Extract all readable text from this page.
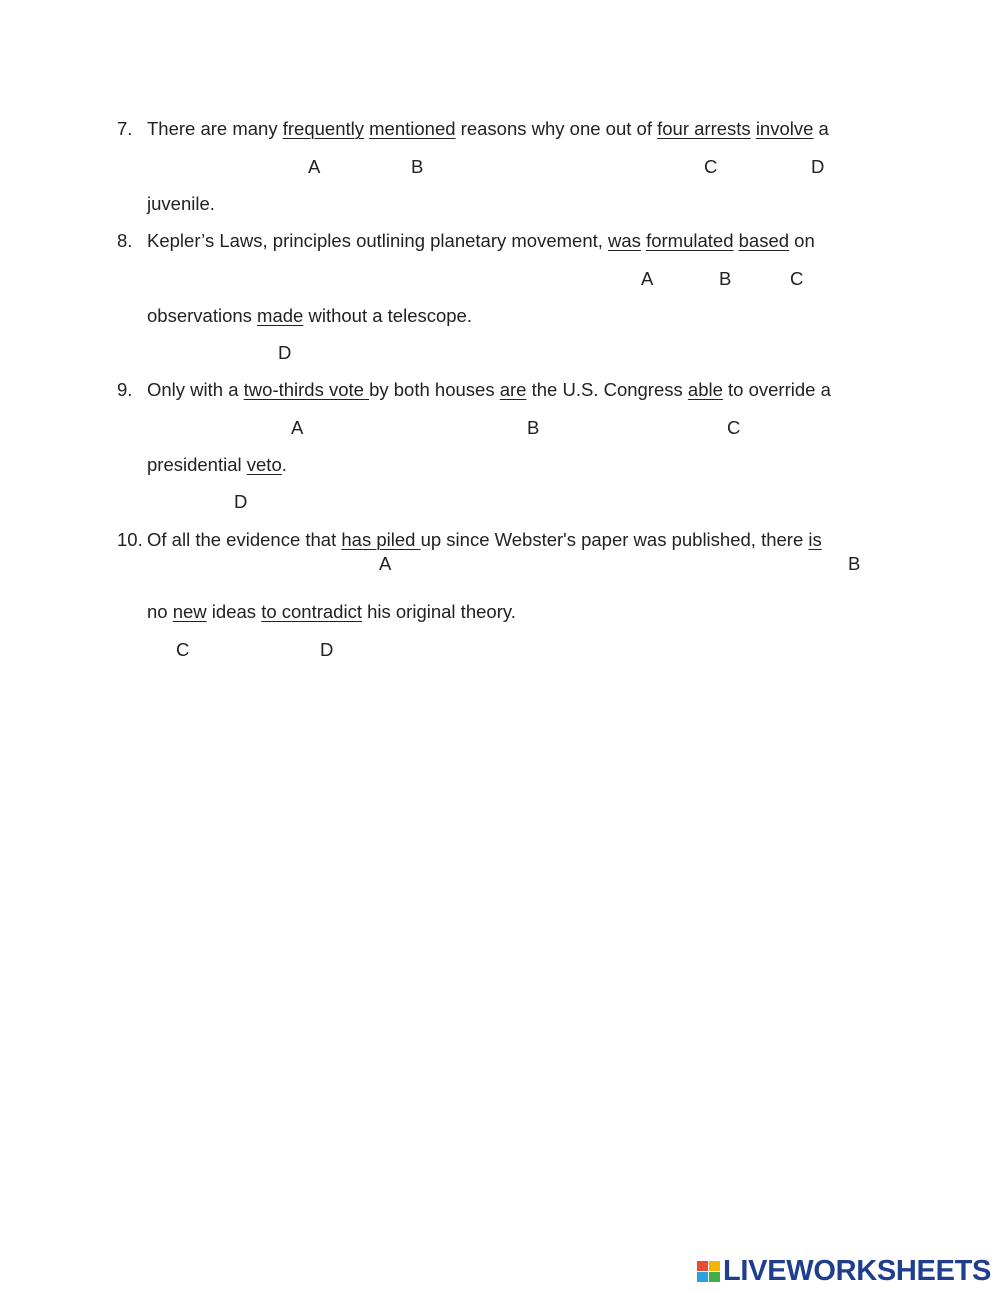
7. There are many frequently mentioned reasons why one out of four arrests involve a
A	B	C	D
juvenile.
8. Kepler’s Laws, principles outlining planetary movement, was formulated based on
A	B	C
observations made without a telescope.
D
9. Only with a two-thirds vote by both houses are the U.S. Congress able to override a
A	B	C
presidential veto.
D
10. Of all the evidence that has piled up since Webster's paper was published, there is
A	B
no new ideas to contradict his original theory.
C	D
LIVEWORKSHEETS
